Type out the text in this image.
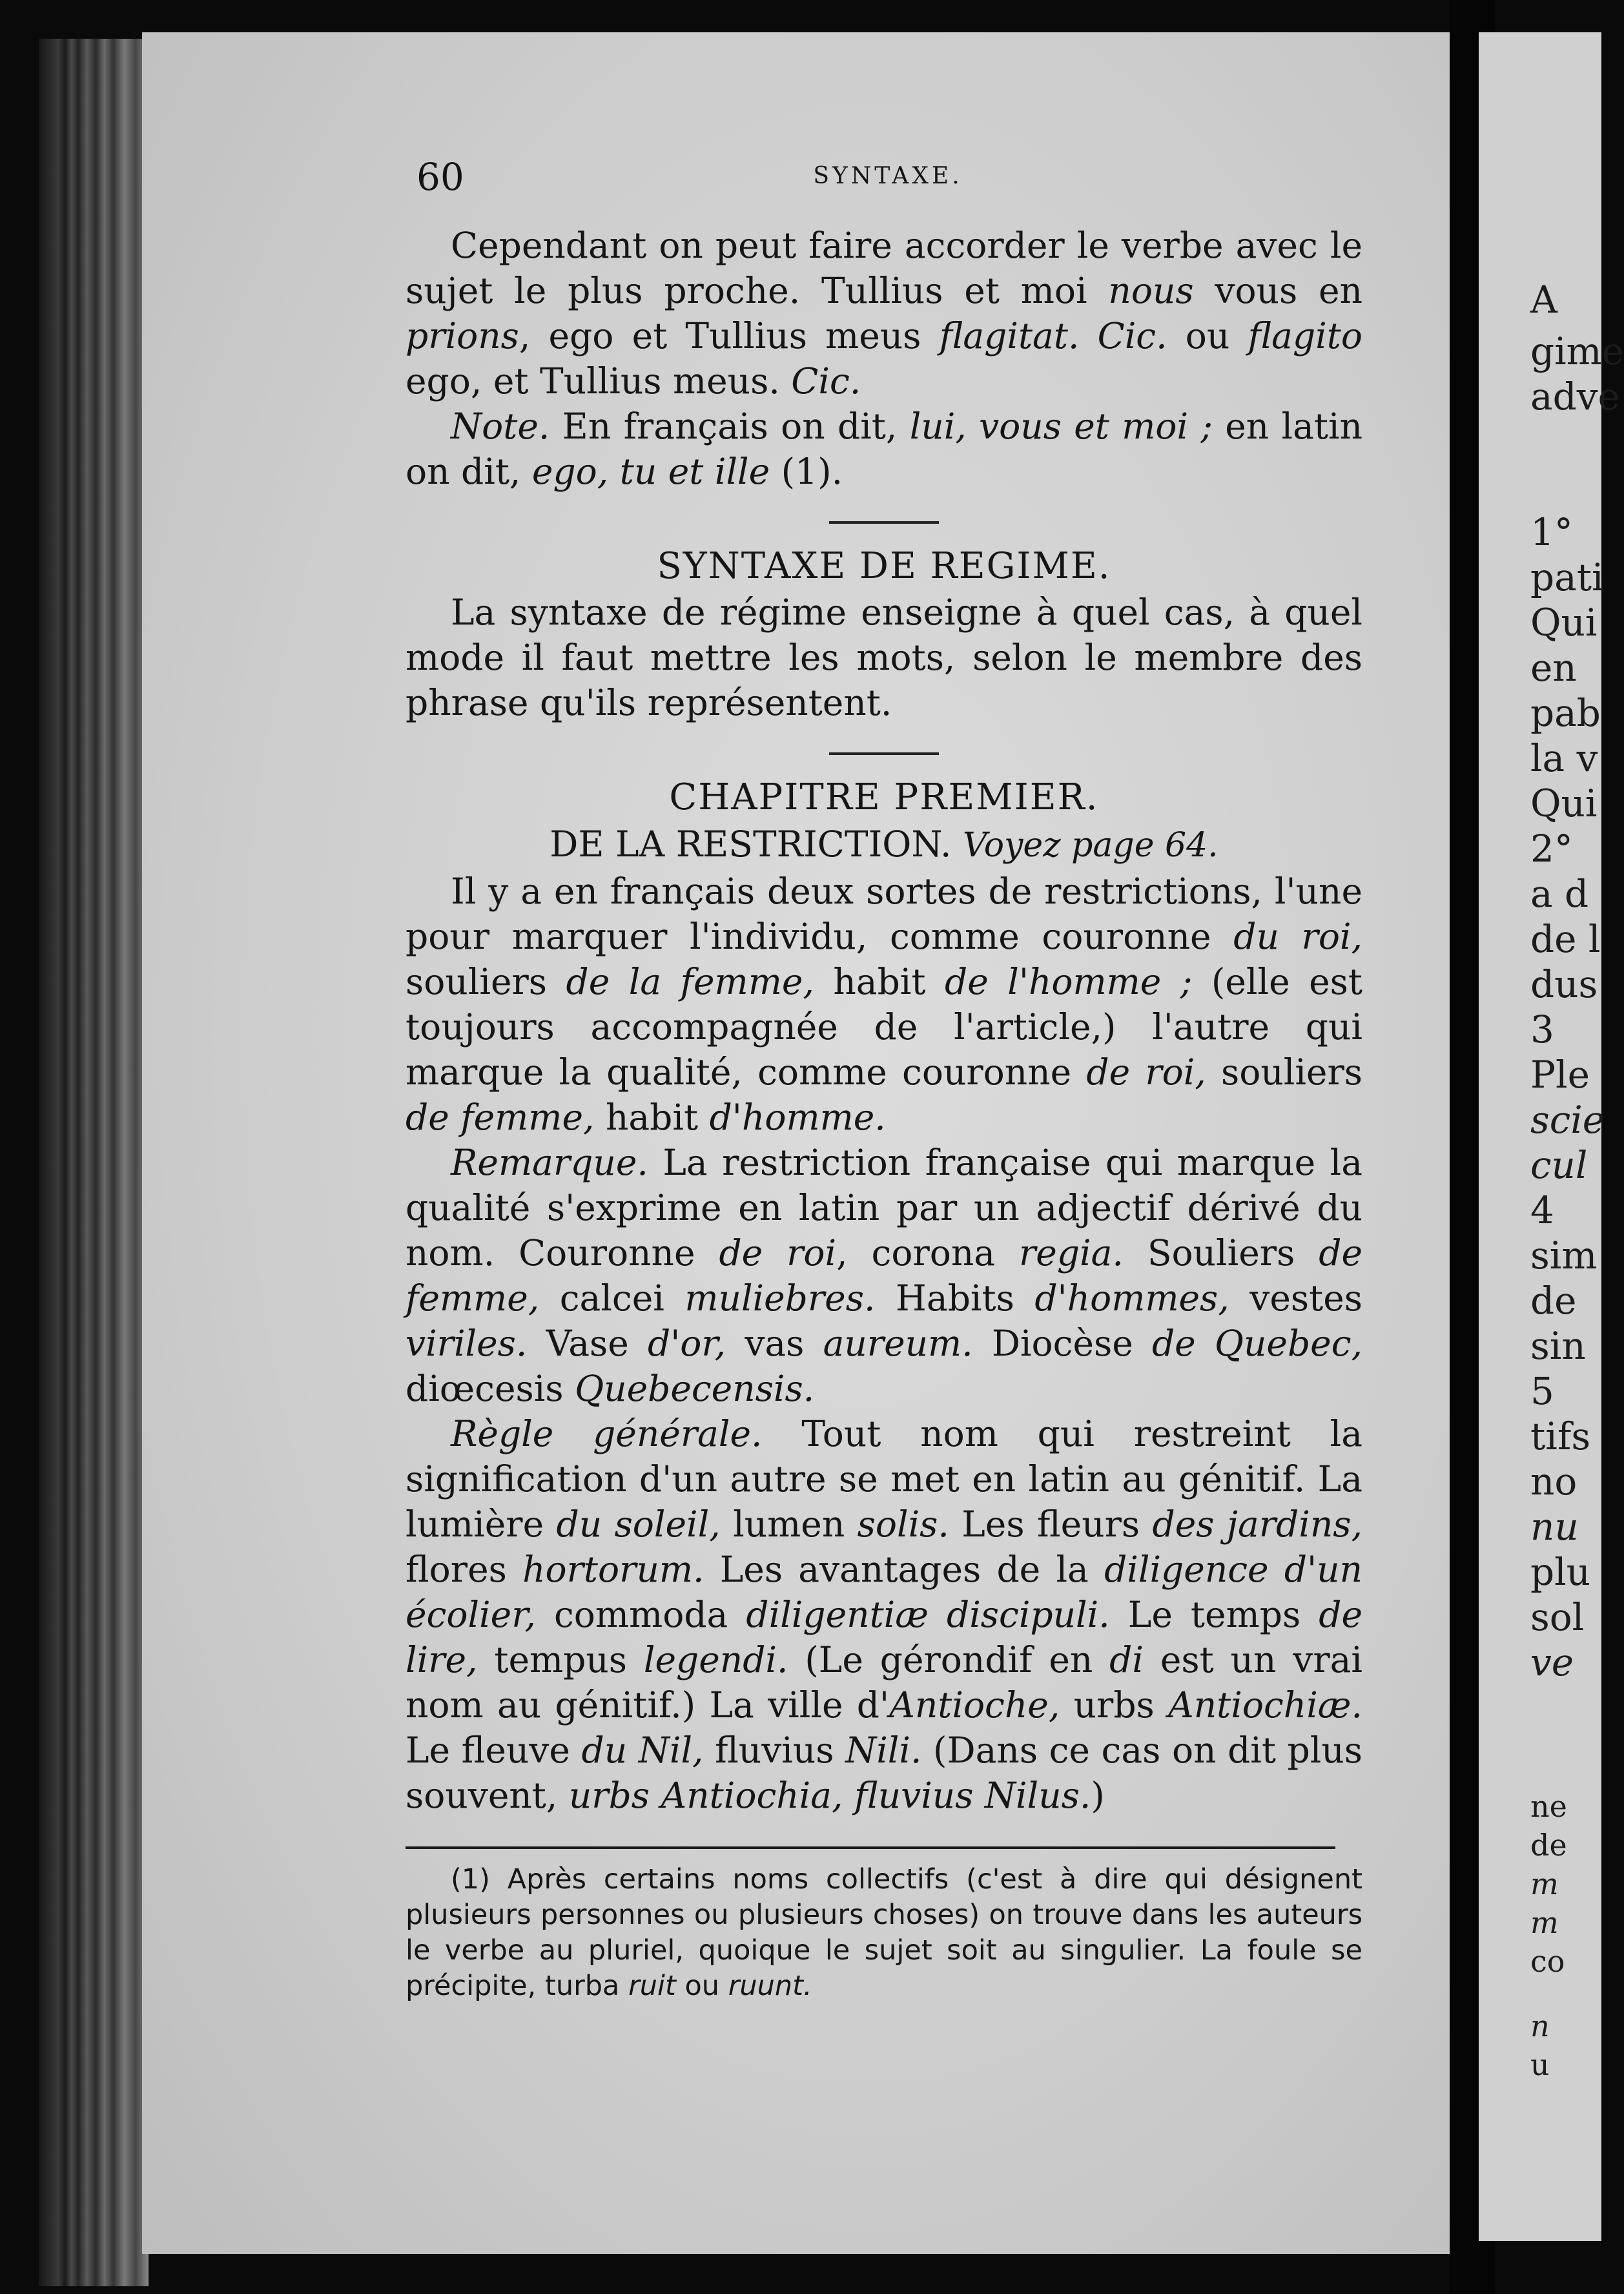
A
gime
adve
1°
pati
Qui
en
pab
la v
Qui
2°
a d
de l
dus
3
Ple
scie
cul
4
sim
de
sin
5
tifs
no
nu
plu
sol
ve
ne
de
m
m
co
n
u
60	SYNTAXE.

Cependant on peut faire accorder le verbe avec le sujet le plus proche. Tullius et moi nous vous en prions, ego et Tullius meus flagitat. Cic. ou flagito ego, et Tullius meus. Cic.

Note. En français on dit, lui, vous et moi ; en latin on dit, ego, tu et ille (1).

SYNTAXE DE REGIME.

La syntaxe de régime enseigne à quel cas, à quel mode il faut mettre les mots, selon le membre des phrase qu'ils représentent.

CHAPITRE PREMIER.
DE LA RESTRICTION. Voyez page 64.

Il y a en français deux sortes de restrictions, l'une pour marquer l'individu, comme couronne du roi, souliers de la femme, habit de l'homme ; (elle est toujours accompagnée de l'article,) l'autre qui marque la qualité, comme couronne de roi, souliers de femme, habit d'homme.

Remarque. La restriction française qui marque la qualité s'exprime en latin par un adjectif dérivé du nom. Couronne de roi, corona regia. Souliers de femme, calcei muliebres. Habits d'hommes, vestes viriles. Vase d'or, vas aureum. Diocèse de Quebec, diœcesis Quebecensis.

Règle générale. Tout nom qui restreint la signification d'un autre se met en latin au génitif. La lumière du soleil, lumen solis. Les fleurs des jardins, flores hortorum. Les avantages de la diligence d'un écolier, commoda diligentiæ discipuli. Le temps de lire, tempus legendi. (Le gérondif en di est un vrai nom au génitif.) La ville d'Antioche, urbs Antiochiæ. Le fleuve du Nil, fluvius Nili. (Dans ce cas on dit plus souvent, urbs Antiochia, fluvius Nilus.)

(1) Après certains noms collectifs (c'est à dire qui désignent plusieurs personnes ou plusieurs choses) on trouve dans les auteurs le verbe au pluriel, quoique le sujet soit au singulier. La foule se précipite, turba ruit ou ruunt.
